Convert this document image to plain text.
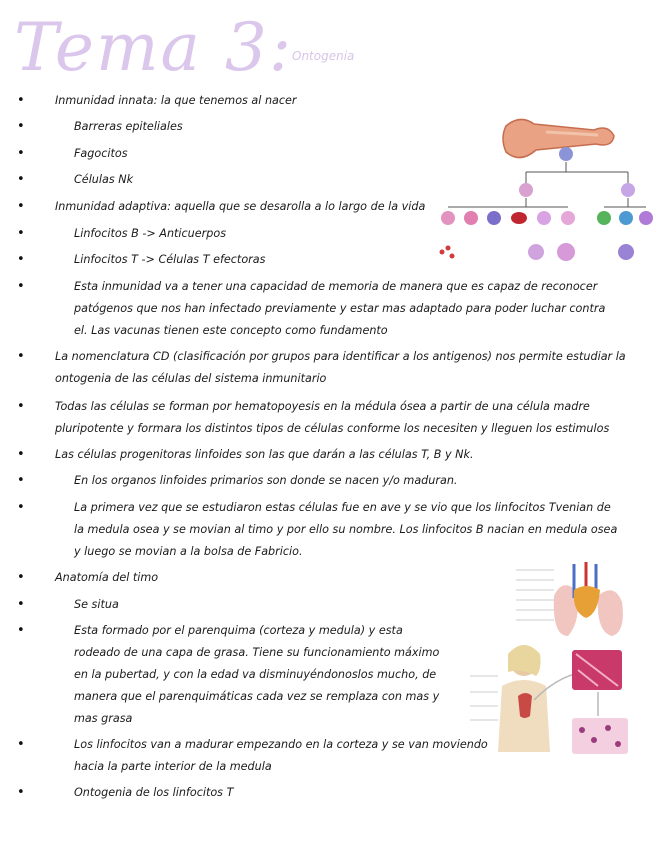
Tema 3:
Ontogenia
• Inmunidad innata: la que tenemos al nacer
• Barreras epiteliales
• Fagocitos
• Células Nk
• Inmunidad adaptiva: aquella que se desarolla a lo largo de la vida
• Linfocitos B -> Anticuerpos
• Linfocitos T -> Células T efectoras
• Esta inmunidad va a tener una capacidad de memoria de manera que es capaz de reconocer
patógenos que nos han infectado previamente y estar mas adaptado para poder luchar contra
el. Las vacunas tienen este concepto como fundamento
• La nomenclatura CD (clasificación por grupos para identificar a los antigenos) nos permite estudiar la
ontogenia de las células del sistema inmunitario
• Todas las células se forman por hematopoyesis en la médula ósea a partir de una célula madre
pluripotente y formara los distintos tipos de células conforme los necesiten y lleguen los estimulos
• Las células progenitoras linfoides son las que darán a las células T, B y Nk.
• En los organos linfoides primarios son donde se nacen y/o maduran.
• La primera vez que se estudiaron estas células fue en ave y se vio que los linfocitos Tvenian de
la medula osea y se movian al timo y por ello su nombre. Los linfocitos B nacian en medula osea
y luego se movian a la bolsa de Fabricio.
• Anatomía del timo
• Se situa
• Esta formado por el parenquima (corteza y medula) y esta
rodeado de una capa de grasa. Tiene su funcionamiento máximo
en la pubertad, y con la edad va disminuyéndonoslos mucho, de
manera que el parenquimáticas cada vez se remplaza con mas y
mas grasa
• Los linfocitos van a madurar empezando en la corteza y se van moviendo
hacia la parte interior de la medula
• Ontogenia de los linfocitos T
